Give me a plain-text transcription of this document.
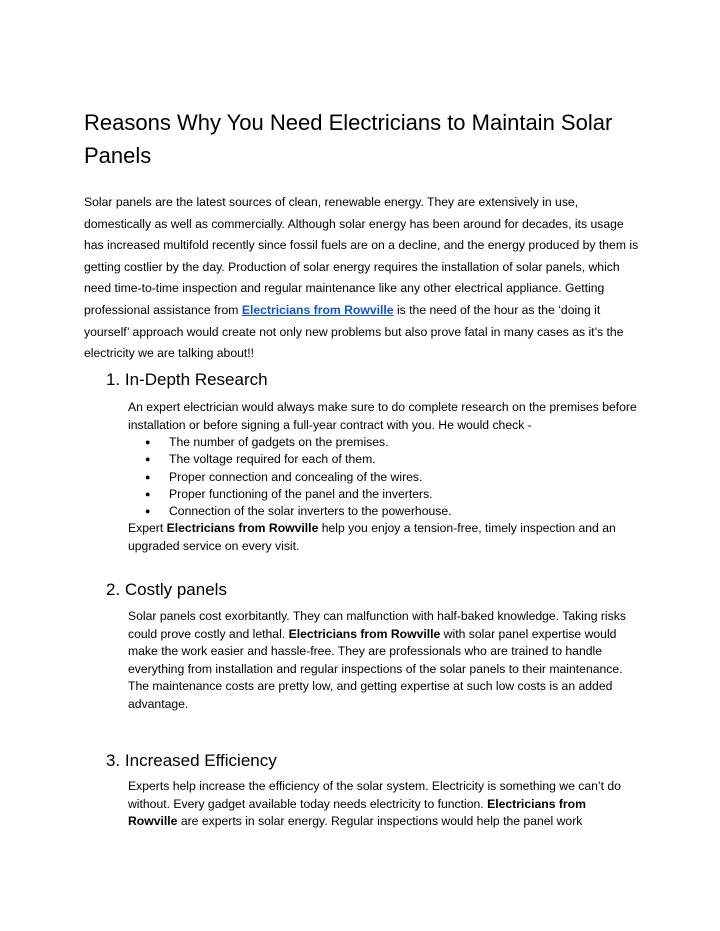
Reasons Why You Need Electricians to Maintain Solar Panels

Solar panels are the latest sources of clean, renewable energy. They are extensively in use, domestically as well as commercially. Although solar energy has been around for decades, its usage has increased multifold recently since fossil fuels are on a decline, and the energy produced by them is getting costlier by the day. Production of solar energy requires the installation of solar panels, which need time-to-time inspection and regular maintenance like any other electrical appliance. Getting professional assistance from Electricians from Rowville is the need of the hour as the ‘doing it yourself’ approach would create not only new problems but also prove fatal in many cases as it’s the electricity we are talking about!!

1. In-Depth Research

An expert electrician would always make sure to do complete research on the premises before installation or before signing a full-year contract with you. He would check -

● The number of gadgets on the premises.
● The voltage required for each of them.
● Proper connection and concealing of the wires.
● Proper functioning of the panel and the inverters.
● Connection of the solar inverters to the powerhouse.

Expert Electricians from Rowville help you enjoy a tension-free, timely inspection and an upgraded service on every visit.

2. Costly panels

Solar panels cost exorbitantly. They can malfunction with half-baked knowledge. Taking risks could prove costly and lethal. Electricians from Rowville with solar panel expertise would make the work easier and hassle-free. They are professionals who are trained to handle everything from installation and regular inspections of the solar panels to their maintenance. The maintenance costs are pretty low, and getting expertise at such low costs is an added advantage.

3. Increased Efficiency

Experts help increase the efficiency of the solar system. Electricity is something we can’t do without. Every gadget available today needs electricity to function. Electricians from Rowville are experts in solar energy. Regular inspections would help the panel work
